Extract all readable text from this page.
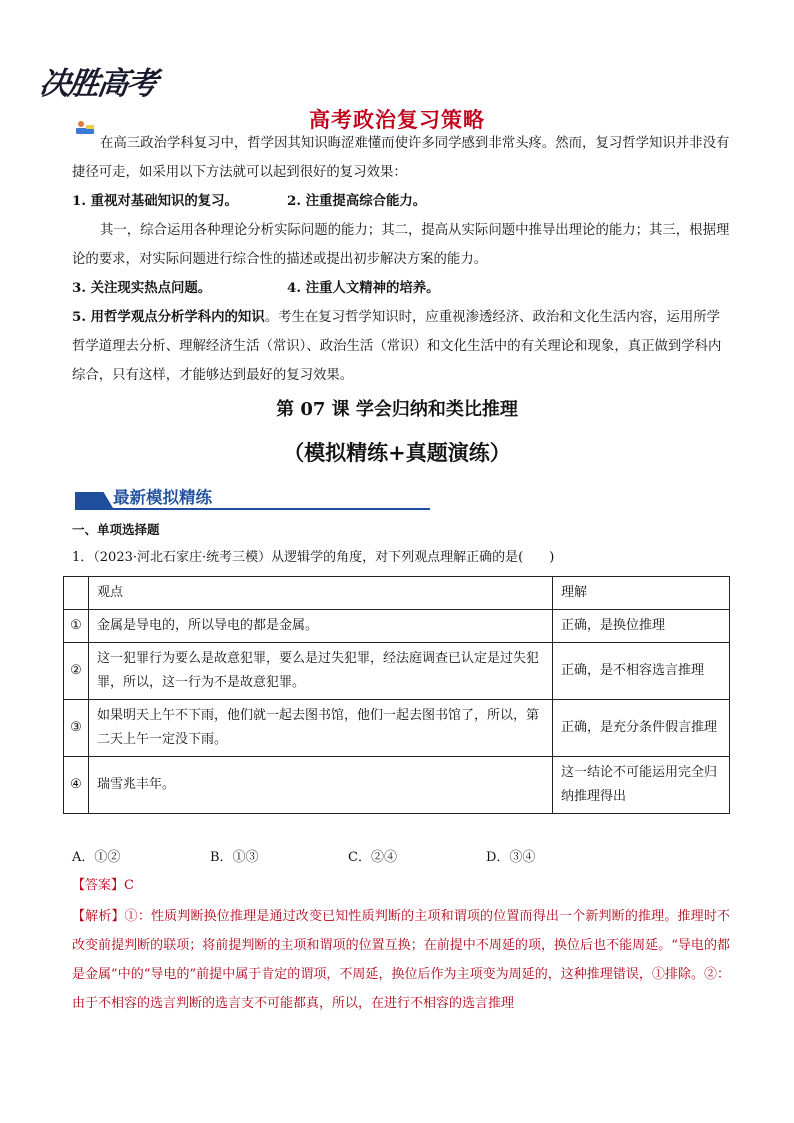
决胜高考
高考政治复习策略
在高三政治学科复习中，哲学因其知识晦涩难懂而使许多同学感到非常头疼。然而，复习哲学知识并非没有捷径可走，如采用以下方法就可以起到很好的复习效果：
1. 重视对基础知识的复习。	2. 注重提高综合能力。
其一，综合运用各种理论分析实际问题的能力；其二，提高从实际问题中推导出理论的能力；其三，根据理论的要求，对实际问题进行综合性的描述或提出初步解决方案的能力。
3. 关注现实热点问题。	4. 注重人文精神的培养。
5. 用哲学观点分析学科内的知识。考生在复习哲学知识时，应重视渗透经济、政治和文化生活内容，运用所学哲学道理去分析、理解经济生活（常识）、政治生活（常识）和文化生活中的有关理论和现象，真正做到学科内综合，只有这样，才能够达到最好的复习效果。
第 07 课 学会归纳和类比推理
（模拟精练+真题演练）
最新模拟精练
一、单项选择题
1．（2023·河北石家庄·统考三模）从逻辑学的角度，对下列观点理解正确的是(　　)
	观点	理解
①	金属是导电的，所以导电的都是金属。	正确，是换位推理
②	这一犯罪行为要么是故意犯罪，要么是过失犯罪，经法庭调查已认定是过失犯罪，所以，这一行为不是故意犯罪。	正确，是不相容选言推理
③	如果明天上午不下雨，他们就一起去图书馆，他们一起去图书馆了，所以，第二天上午一定没下雨。	正确，是充分条件假言推理
④	瑞雪兆丰年。	这一结论不可能运用完全归纳推理得出
A．①②	B．①③	C．②④	D．③④
【答案】C
【解析】①：性质判断换位推理是通过改变已知性质判断的主项和谓项的位置而得出一个新判断的推理。推理时不改变前提判断的联项；将前提判断的主项和谓项的位置互换；在前提中不周延的项，换位后也不能周延。“导电的都是金属”中的“导电的”前提中属于肯定的谓项，不周延，换位后作为主项变为周延的，这种推理错误，①排除。②：由于不相容的选言判断的选言支不可能都真，所以，在进行不相容的选言推理
